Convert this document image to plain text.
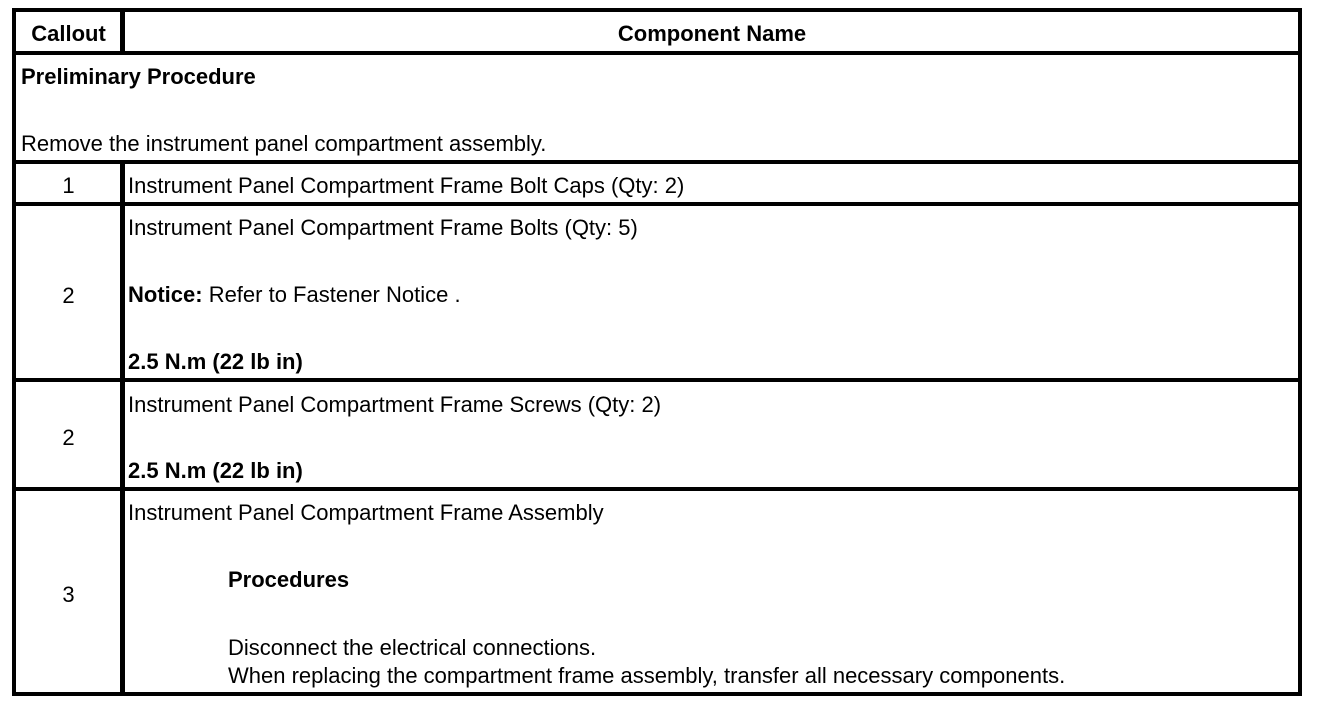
Callout	Component Name
Preliminary Procedure
Remove the instrument panel compartment assembly.
1	Instrument Panel Compartment Frame Bolt Caps (Qty: 2)
2
Instrument Panel Compartment Frame Bolts (Qty: 5)
Notice: Refer to Fastener Notice .
2.5 N.m (22 lb in)
2
Instrument Panel Compartment Frame Screws (Qty: 2)
2.5 N.m (22 lb in)
3
Instrument Panel Compartment Frame Assembly
Procedures
Disconnect the electrical connections.
When replacing the compartment frame assembly, transfer all necessary components.
